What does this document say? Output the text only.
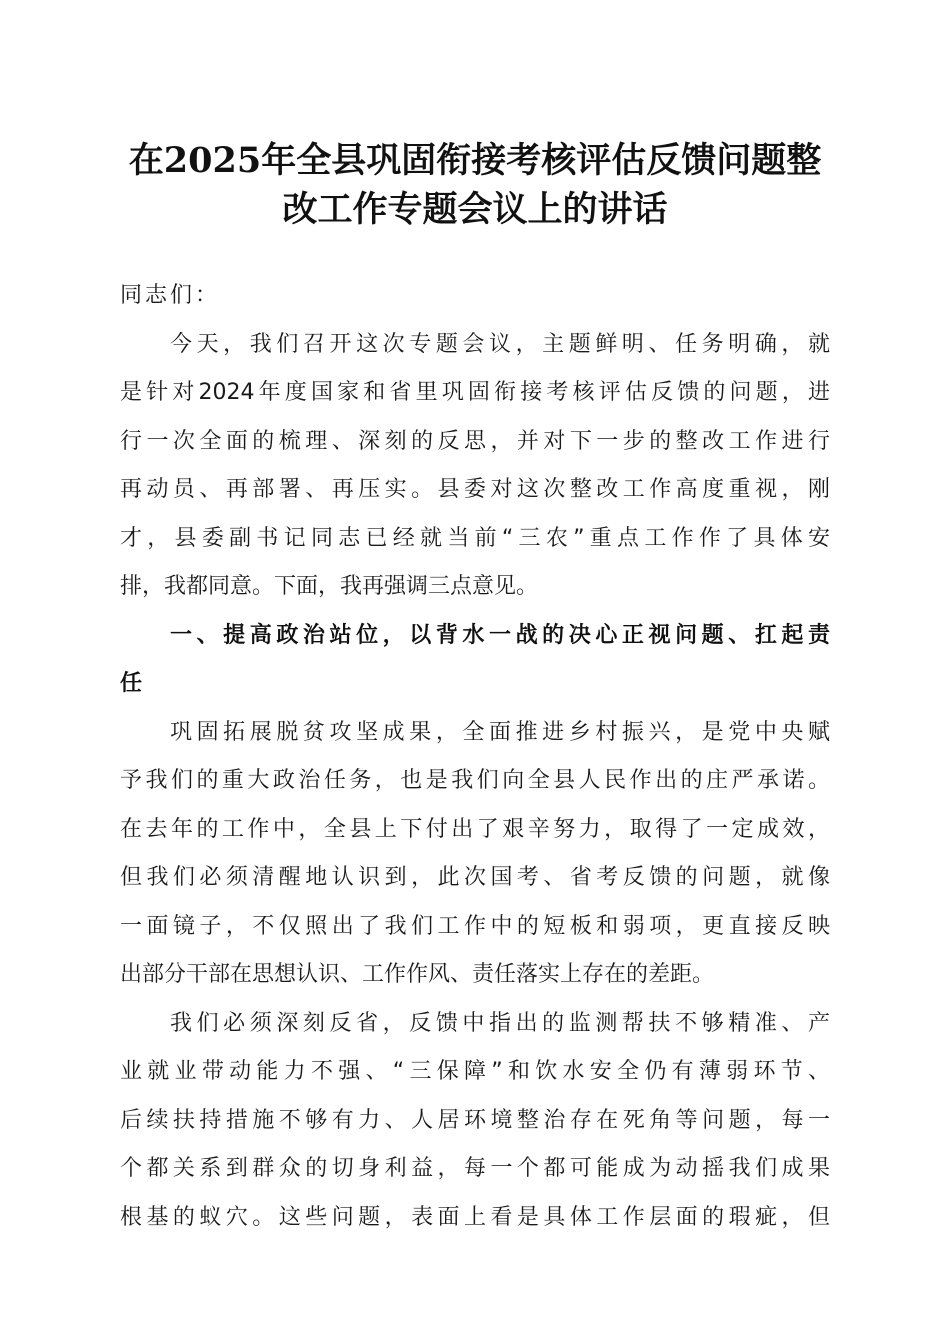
在2025年全县巩固衔接考核评估反馈问题整
改工作专题会议上的讲话
同志们：
今天，我们召开这次专题会议，主题鲜明、任务明确，就
是针对2024年度国家和省里巩固衔接考核评估反馈的问题，进
行一次全面的梳理、深刻的反思，并对下一步的整改工作进行
再动员、再部署、再压实。县委对这次整改工作高度重视，刚
才，县委副书记同志已经就当前“三农”重点工作作了具体安
排，我都同意。下面，我再强调三点意见。
一、提高政治站位，以背水一战的决心正视问题、扛起责
任
巩固拓展脱贫攻坚成果，全面推进乡村振兴，是党中央赋
予我们的重大政治任务，也是我们向全县人民作出的庄严承诺。
在去年的工作中，全县上下付出了艰辛努力，取得了一定成效，
但我们必须清醒地认识到，此次国考、省考反馈的问题，就像
一面镜子，不仅照出了我们工作中的短板和弱项，更直接反映
出部分干部在思想认识、工作作风、责任落实上存在的差距。
我们必须深刻反省，反馈中指出的监测帮扶不够精准、产
业就业带动能力不强、“三保障”和饮水安全仍有薄弱环节、
后续扶持措施不够有力、人居环境整治存在死角等问题，每一
个都关系到群众的切身利益，每一个都可能成为动摇我们成果
根基的蚁穴。这些问题，表面上看是具体工作层面的瑕疵，但
